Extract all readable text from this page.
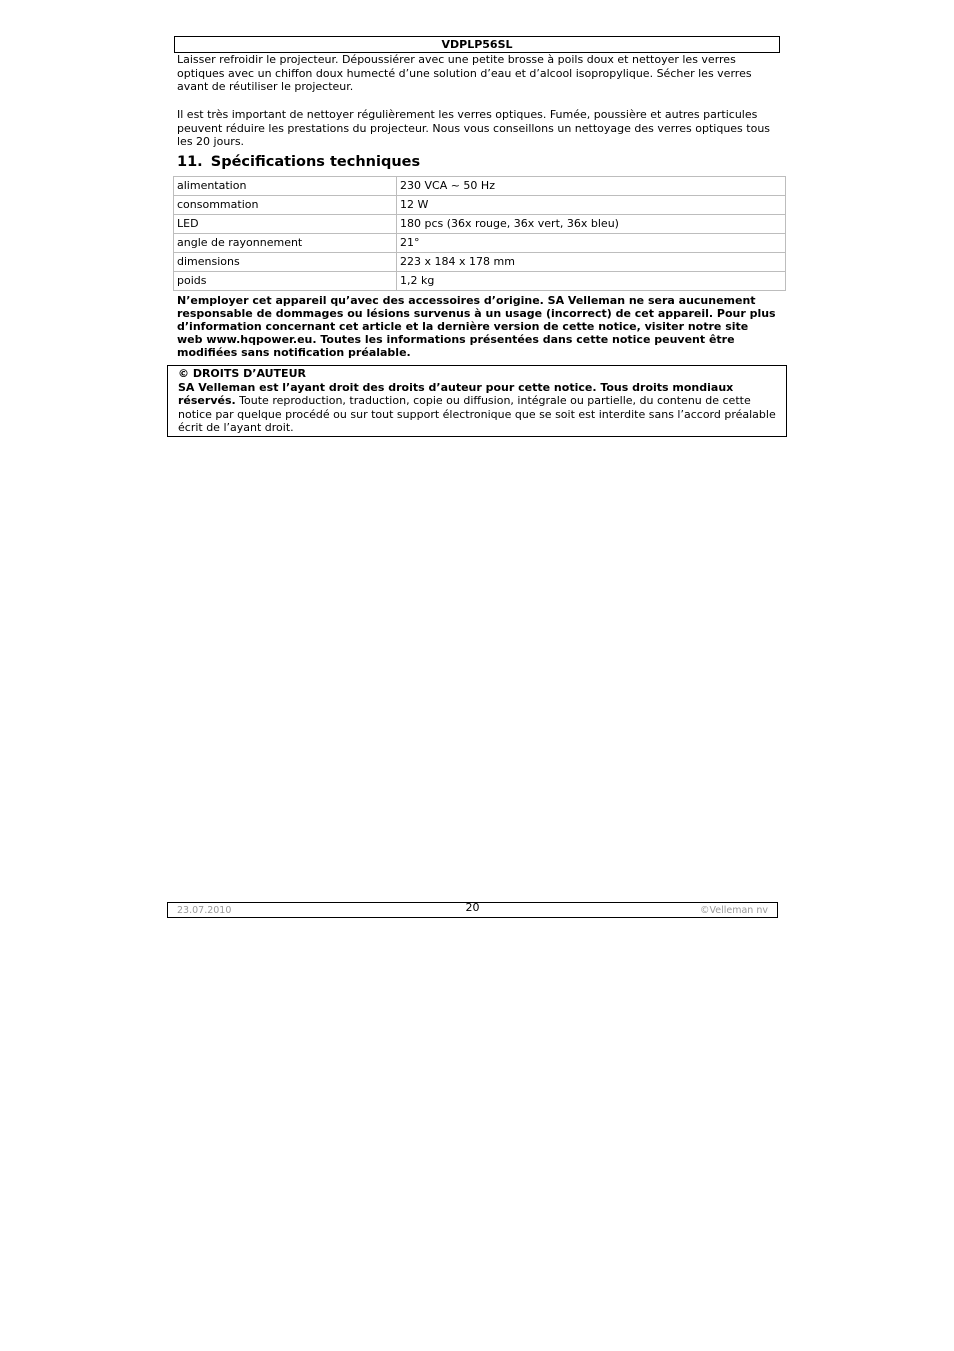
VDPLP56SL

Laisser refroidir le projecteur. Dépoussiérer avec une petite brosse à poils doux et nettoyer les verres optiques avec un chiffon doux humecté d’une solution d’eau et d’alcool isopropylique. Sécher les verres avant de réutiliser le projecteur.

Il est très important de nettoyer régulièrement les verres optiques. Fumée, poussière et autres particules peuvent réduire les prestations du projecteur. Nous vous conseillons un nettoyage des verres optiques tous les 20 jours.

11. Spécifications techniques
alimentation	230 VCA ~ 50 Hz
consommation	12 W
LED	180 pcs (36x rouge, 36x vert, 36x bleu)
angle de rayonnement	21°
dimensions	223 x 184 x 178 mm
poids	1,2 kg

N’employer cet appareil qu’avec des accessoires d’origine. SA Velleman ne sera aucunement responsable de dommages ou lésions survenus à un usage (incorrect) de cet appareil. Pour plus d’information concernant cet article et la dernière version de cette notice, visiter notre site web www.hqpower.eu. Toutes les informations présentées dans cette notice peuvent être modifiées sans notification préalable.

© DROITS D’AUTEUR
SA Velleman est l’ayant droit des droits d’auteur pour cette notice. Tous droits mondiaux réservés. Toute reproduction, traduction, copie ou diffusion, intégrale ou partielle, du contenu de cette notice par quelque procédé ou sur tout support électronique que se soit est interdite sans l’accord préalable écrit de l’ayant droit.
23.07.2010	20	©Velleman nv
